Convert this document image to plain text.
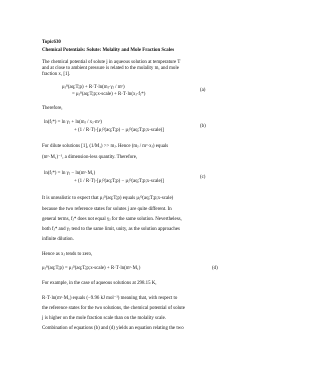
Topic630
Chemical Potentials: Solute: Molality and Mole Fraction Scales
The chemical potential of solute j in aqueous solution at temperature T
and at close to ambient pressure is related to the molality m, and mole
fraction x, [1].
μⱼ⁰(aq;T;p) + R·T·ln(mⱼ·γⱼ / mᵒ)
= μⱼ⁰(aq;T;p;x-scale) + R·T·ln(xⱼ·fⱼ*)
(a)
Therefore,
ln(fⱼ*) = ln γⱼ + ln(mⱼ / xⱼ·mᵒ)
+ (1 / R·T)·[μⱼ⁰(aq;T;p) − μⱼ⁰(aq;T;p;x-scale)]
(b)
For dilute solutions [1], (1/M₁) >> mⱼ. Hence (mⱼ / mᵒ·xⱼ) equals
(mᵒ·M₁)⁻¹, a dimension-less quantity. Therefore,
ln(fⱼ*) = ln γⱼ − ln(mᵒ·M₁)
+ (1 / R·T)·[μⱼ⁰(aq;T;p) − μⱼ⁰(aq;T;p;x-scale)]
(c)
It is unrealistic to expect that μⱼ⁰(aq;T;p) equals μⱼ⁰(aq;T;p;x-scale)
because the two reference states for solutes j are quite different. In
general terms, fⱼ* does not equal γⱼ for the same solution. Nevertheless,
both fⱼ* and γⱼ tend to the same limit, unity, as the solution approaches
infinite dilution.
Hence as xⱼ tends to zero,
μⱼ⁰(aq;T;p) = μⱼ⁰(aq;T;p;x-scale) + R·T·ln(mᵒ·M₁)	(d)
For example, in the case of aqueous solutions at 298.15 K,
R·T·ln(mᵒ·M₁) equals (−9.96 kJ mol⁻¹) meaning that, with respect to
the reference states for the two solutions, the chemical potential of solute
j is higher on the mole fraction scale than on the molality scale.
Combination of equations (b) and (d) yields an equation relating the two
